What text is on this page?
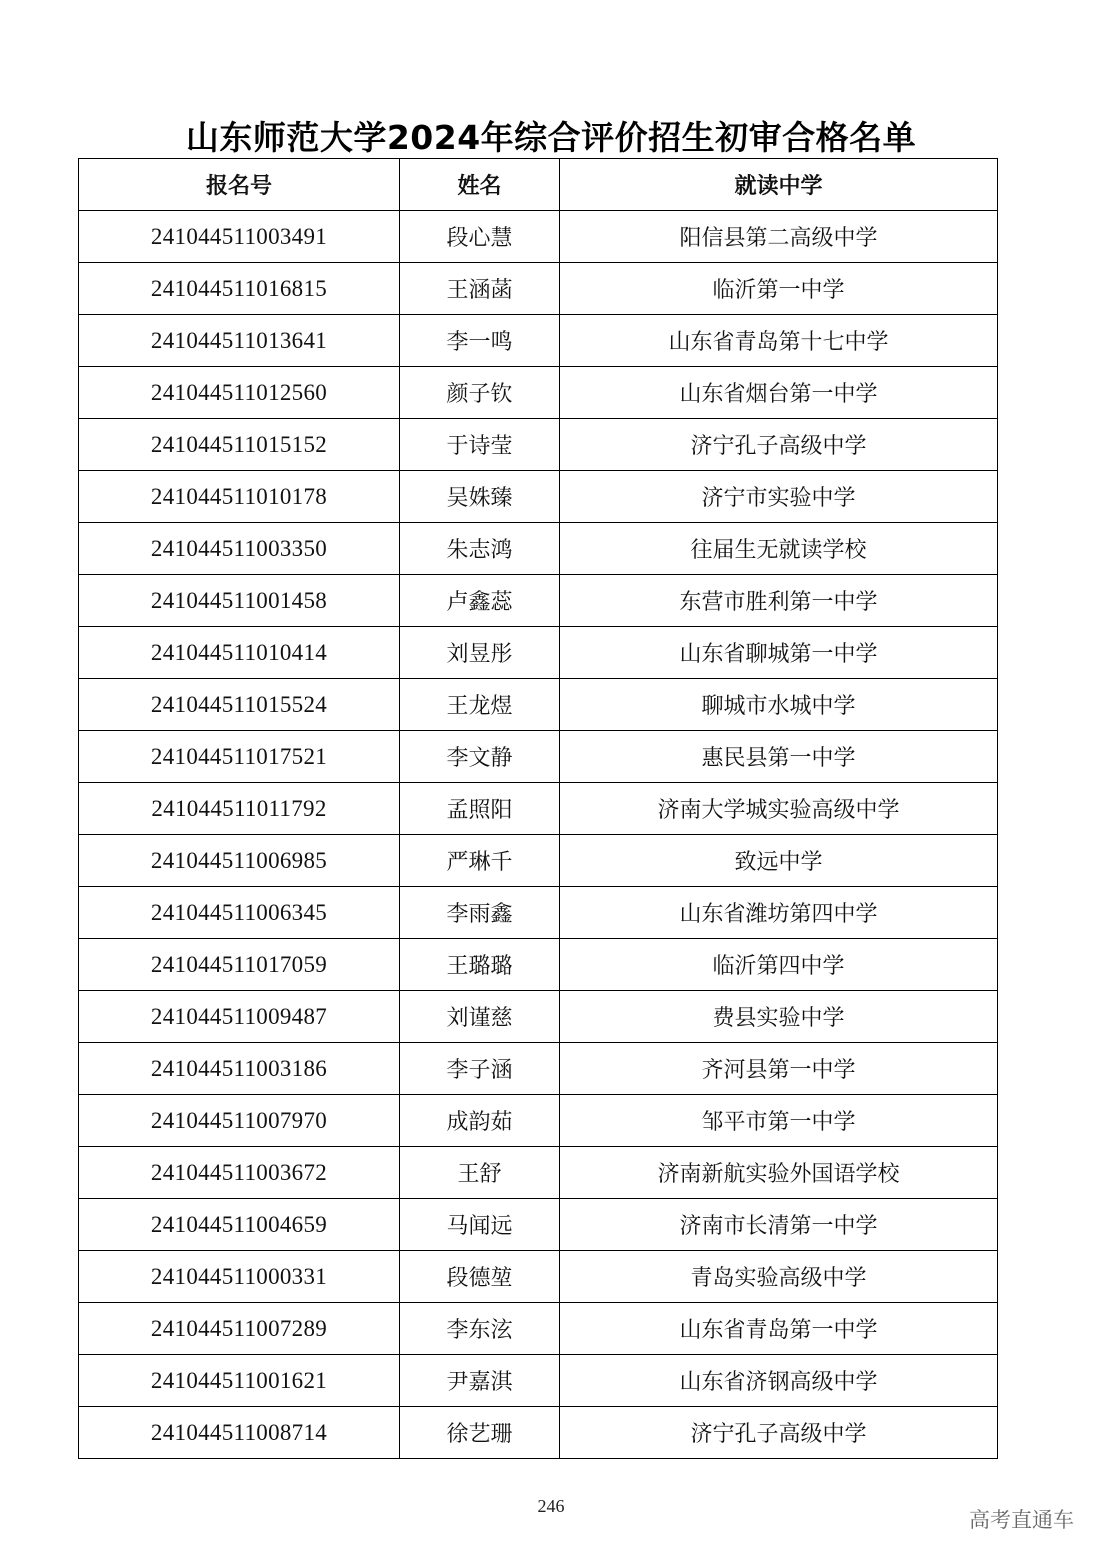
山东师范大学2024年综合评价招生初审合格名单
报名号	姓名	就读中学
241044511003491	段心慧	阳信县第二高级中学
241044511016815	王涵菡	临沂第一中学
241044511013641	李一鸣	山东省青岛第十七中学
241044511012560	颜子钦	山东省烟台第一中学
241044511015152	于诗莹	济宁孔子高级中学
241044511010178	吴姝臻	济宁市实验中学
241044511003350	朱志鸿	往届生无就读学校
241044511001458	卢鑫蕊	东营市胜利第一中学
241044511010414	刘昱彤	山东省聊城第一中学
241044511015524	王龙煜	聊城市水城中学
241044511017521	李文静	惠民县第一中学
241044511011792	孟照阳	济南大学城实验高级中学
241044511006985	严琳千	致远中学
241044511006345	李雨鑫	山东省潍坊第四中学
241044511017059	王璐璐	临沂第四中学
241044511009487	刘谨慈	费县实验中学
241044511003186	李子涵	齐河县第一中学
241044511007970	成韵茹	邹平市第一中学
241044511003672	王舒	济南新航实验外国语学校
241044511004659	马闻远	济南市长清第一中学
241044511000331	段德堃	青岛实验高级中学
241044511007289	李东泫	山东省青岛第一中学
241044511001621	尹嘉淇	山东省济钢高级中学
241044511008714	徐艺珊	济宁孔子高级中学
246
高考直通车
